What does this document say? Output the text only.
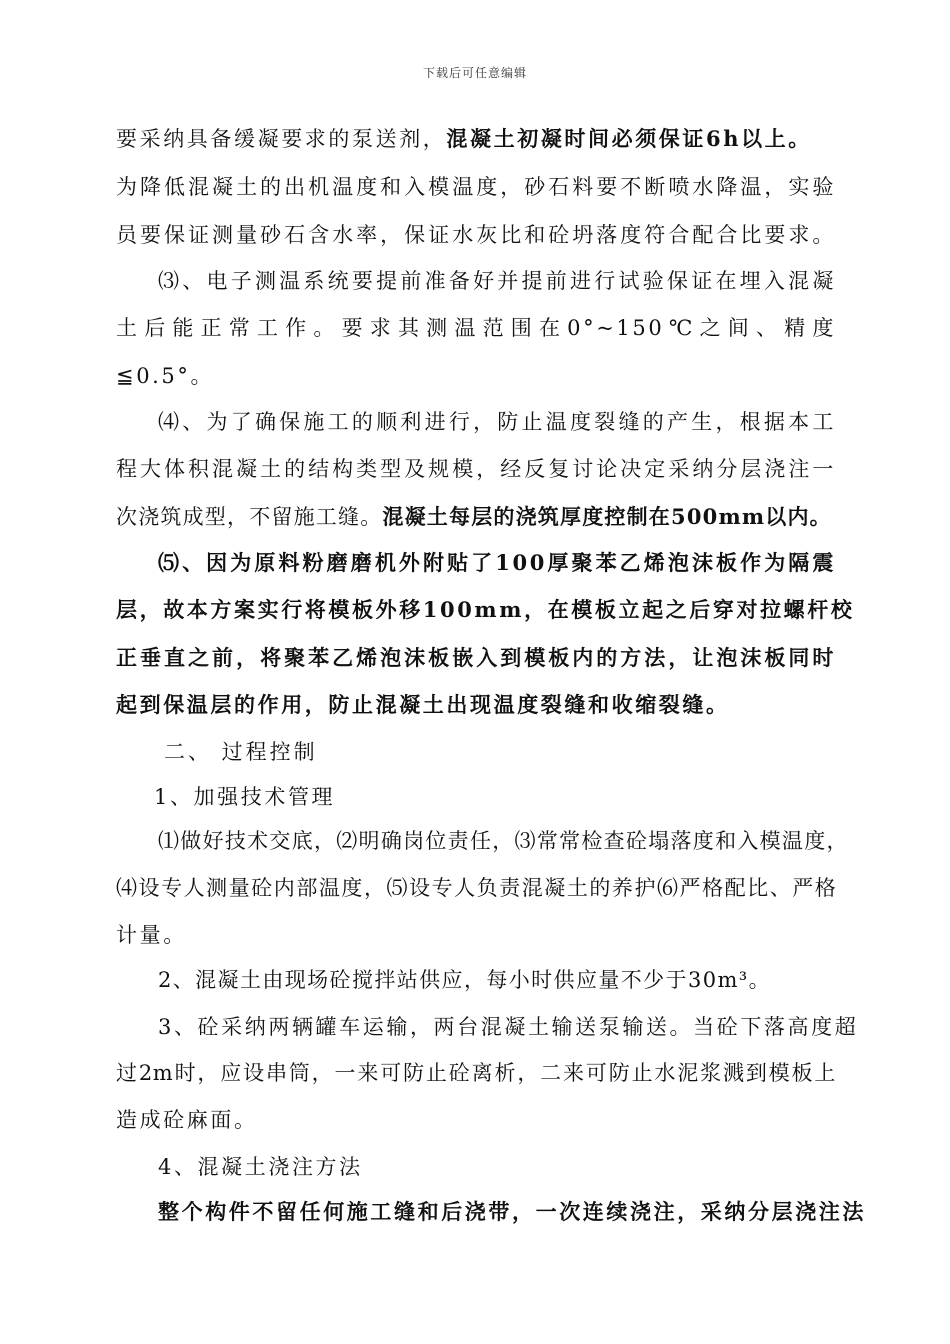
下载后可任意编辑
要采纳具备缓凝要求的泵送剂，混凝土初凝时间必须保证6h以上。
为降低混凝土的出机温度和入模温度，砂石料要不断喷水降温，实验
员要保证测量砂石含水率，保证水灰比和砼坍落度符合配合比要求。
⑶、电子测温系统要提前准备好并提前进行试验保证在埋入混凝
土后能正常工作。要求其测温范围在0°~150℃之间、精度
≦0.5°。
⑷、为了确保施工的顺利进行，防止温度裂缝的产生，根据本工
程大体积混凝土的结构类型及规模，经反复讨论决定采纳分层浇注一
次浇筑成型，不留施工缝。混凝土每层的浇筑厚度控制在500mm以内。
⑸、因为原料粉磨磨机外附贴了100厚聚苯乙烯泡沫板作为隔震
层，故本方案实行将模板外移100mm，在模板立起之后穿对拉螺杆校
正垂直之前，将聚苯乙烯泡沫板嵌入到模板内的方法，让泡沫板同时
起到保温层的作用，防止混凝土出现温度裂缝和收缩裂缝。
二、 过程控制
1、加强技术管理
⑴做好技术交底，⑵明确岗位责任，⑶常常检查砼塌落度和入模温度，
⑷设专人测量砼内部温度，⑸设专人负责混凝土的养护⑹严格配比、严格
计量。
2、混凝土由现场砼搅拌站供应，每小时供应量不少于30m³。
3、砼采纳两辆罐车运输，两台混凝土输送泵输送。当砼下落高度超
过2m时，应设串筒，一来可防止砼离析，二来可防止水泥浆溅到模板上
造成砼麻面。
4、混凝土浇注方法
整个构件不留任何施工缝和后浇带，一次连续浇注，采纳分层浇注法
